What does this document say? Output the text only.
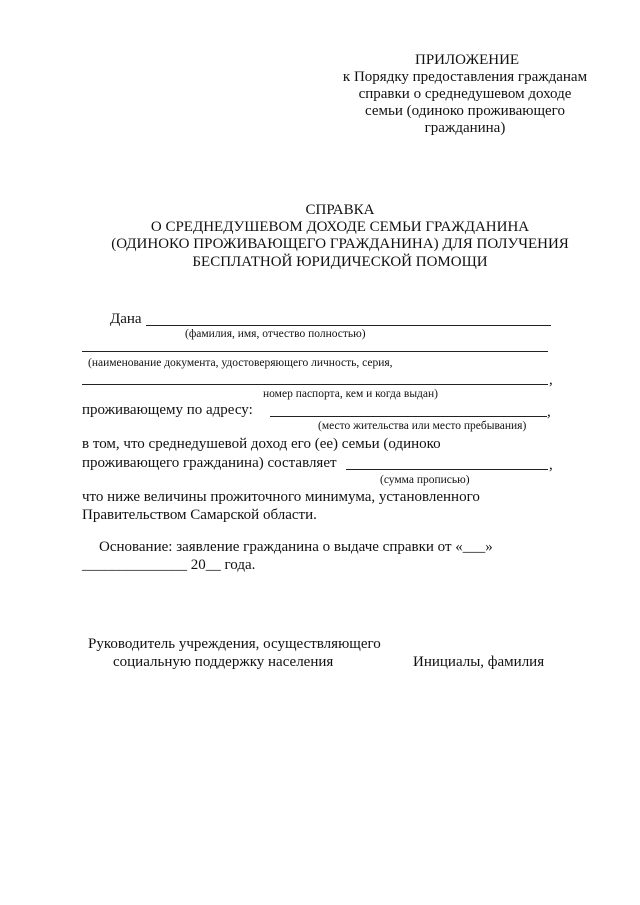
ПРИЛОЖЕНИЕ
к Порядку предоставления гражданам
справки о среднедушевом доходе
семьи (одиноко проживающего
гражданина)
СПРАВКА
О СРЕДНЕДУШЕВОМ ДОХОДЕ СЕМЬИ ГРАЖДАНИНА
(ОДИНОКО ПРОЖИВАЮЩЕГО ГРАЖДАНИНА) ДЛЯ ПОЛУЧЕНИЯ
БЕСПЛАТНОЙ ЮРИДИЧЕСКОЙ ПОМОЩИ
Дана
(фамилия, имя, отчество полностью)
(наименование документа, удостоверяющего личность, серия,
,
номер паспорта, кем и когда выдан)
проживающему по адресу:	,
(место жительства или место пребывания)
в том, что среднедушевой доход его (ее) семьи (одиноко
проживающего гражданина) составляет	,
(сумма прописью)
что ниже величины прожиточного минимума, установленного
Правительством Самарской области.
Основание: заявление гражданина о выдаче справки от «___»
______________ 20__ года.
Руководитель учреждения, осуществляющего
социальную поддержку населения	Инициалы, фамилия
